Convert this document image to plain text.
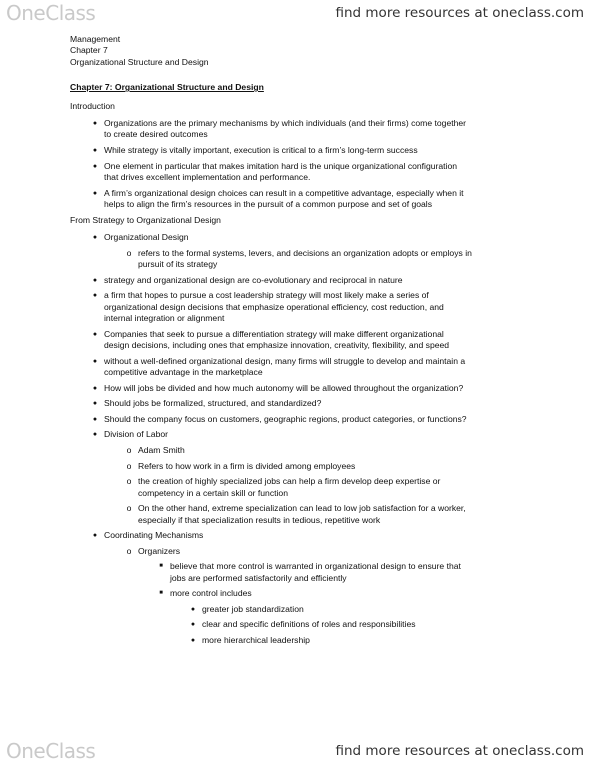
OneClass	find more resources at oneclass.com
Management
Chapter 7
Organizational Structure and Design
Chapter 7: Organizational Structure and Design
Introduction
● Organizations are the primary mechanisms by which individuals (and their firms) come together
to create desired outcomes
● While strategy is vitally important, execution is critical to a firm’s long-term success
● One element in particular that makes imitation hard is the unique organizational configuration
that drives excellent implementation and performance.
● A firm’s organizational design choices can result in a competitive advantage, especially when it
helps to align the firm’s resources in the pursuit of a common purpose and set of goals
From Strategy to Organizational Design
● Organizational Design
o refers to the formal systems, levers, and decisions an organization adopts or employs in
pursuit of its strategy
● strategy and organizational design are co-evolutionary and reciprocal in nature
● a firm that hopes to pursue a cost leadership strategy will most likely make a series of
organizational design decisions that emphasize operational efficiency, cost reduction, and
internal integration or alignment
● Companies that seek to pursue a differentiation strategy will make different organizational
design decisions, including ones that emphasize innovation, creativity, flexibility, and speed
● without a well-defined organizational design, many firms will struggle to develop and maintain a
competitive advantage in the marketplace
● How will jobs be divided and how much autonomy will be allowed throughout the organization?
● Should jobs be formalized, structured, and standardized?
● Should the company focus on customers, geographic regions, product categories, or functions?
● Division of Labor
o Adam Smith
o Refers to how work in a firm is divided among employees
o the creation of highly specialized jobs can help a firm develop deep expertise or
competency in a certain skill or function
o On the other hand, extreme specialization can lead to low job satisfaction for a worker,
especially if that specialization results in tedious, repetitive work
● Coordinating Mechanisms
o Organizers
■ believe that more control is warranted in organizational design to ensure that
jobs are performed satisfactorily and efficiently
■ more control includes
● greater job standardization
● clear and specific definitions of roles and responsibilities
● more hierarchical leadership
OneClass	find more resources at oneclass.com
